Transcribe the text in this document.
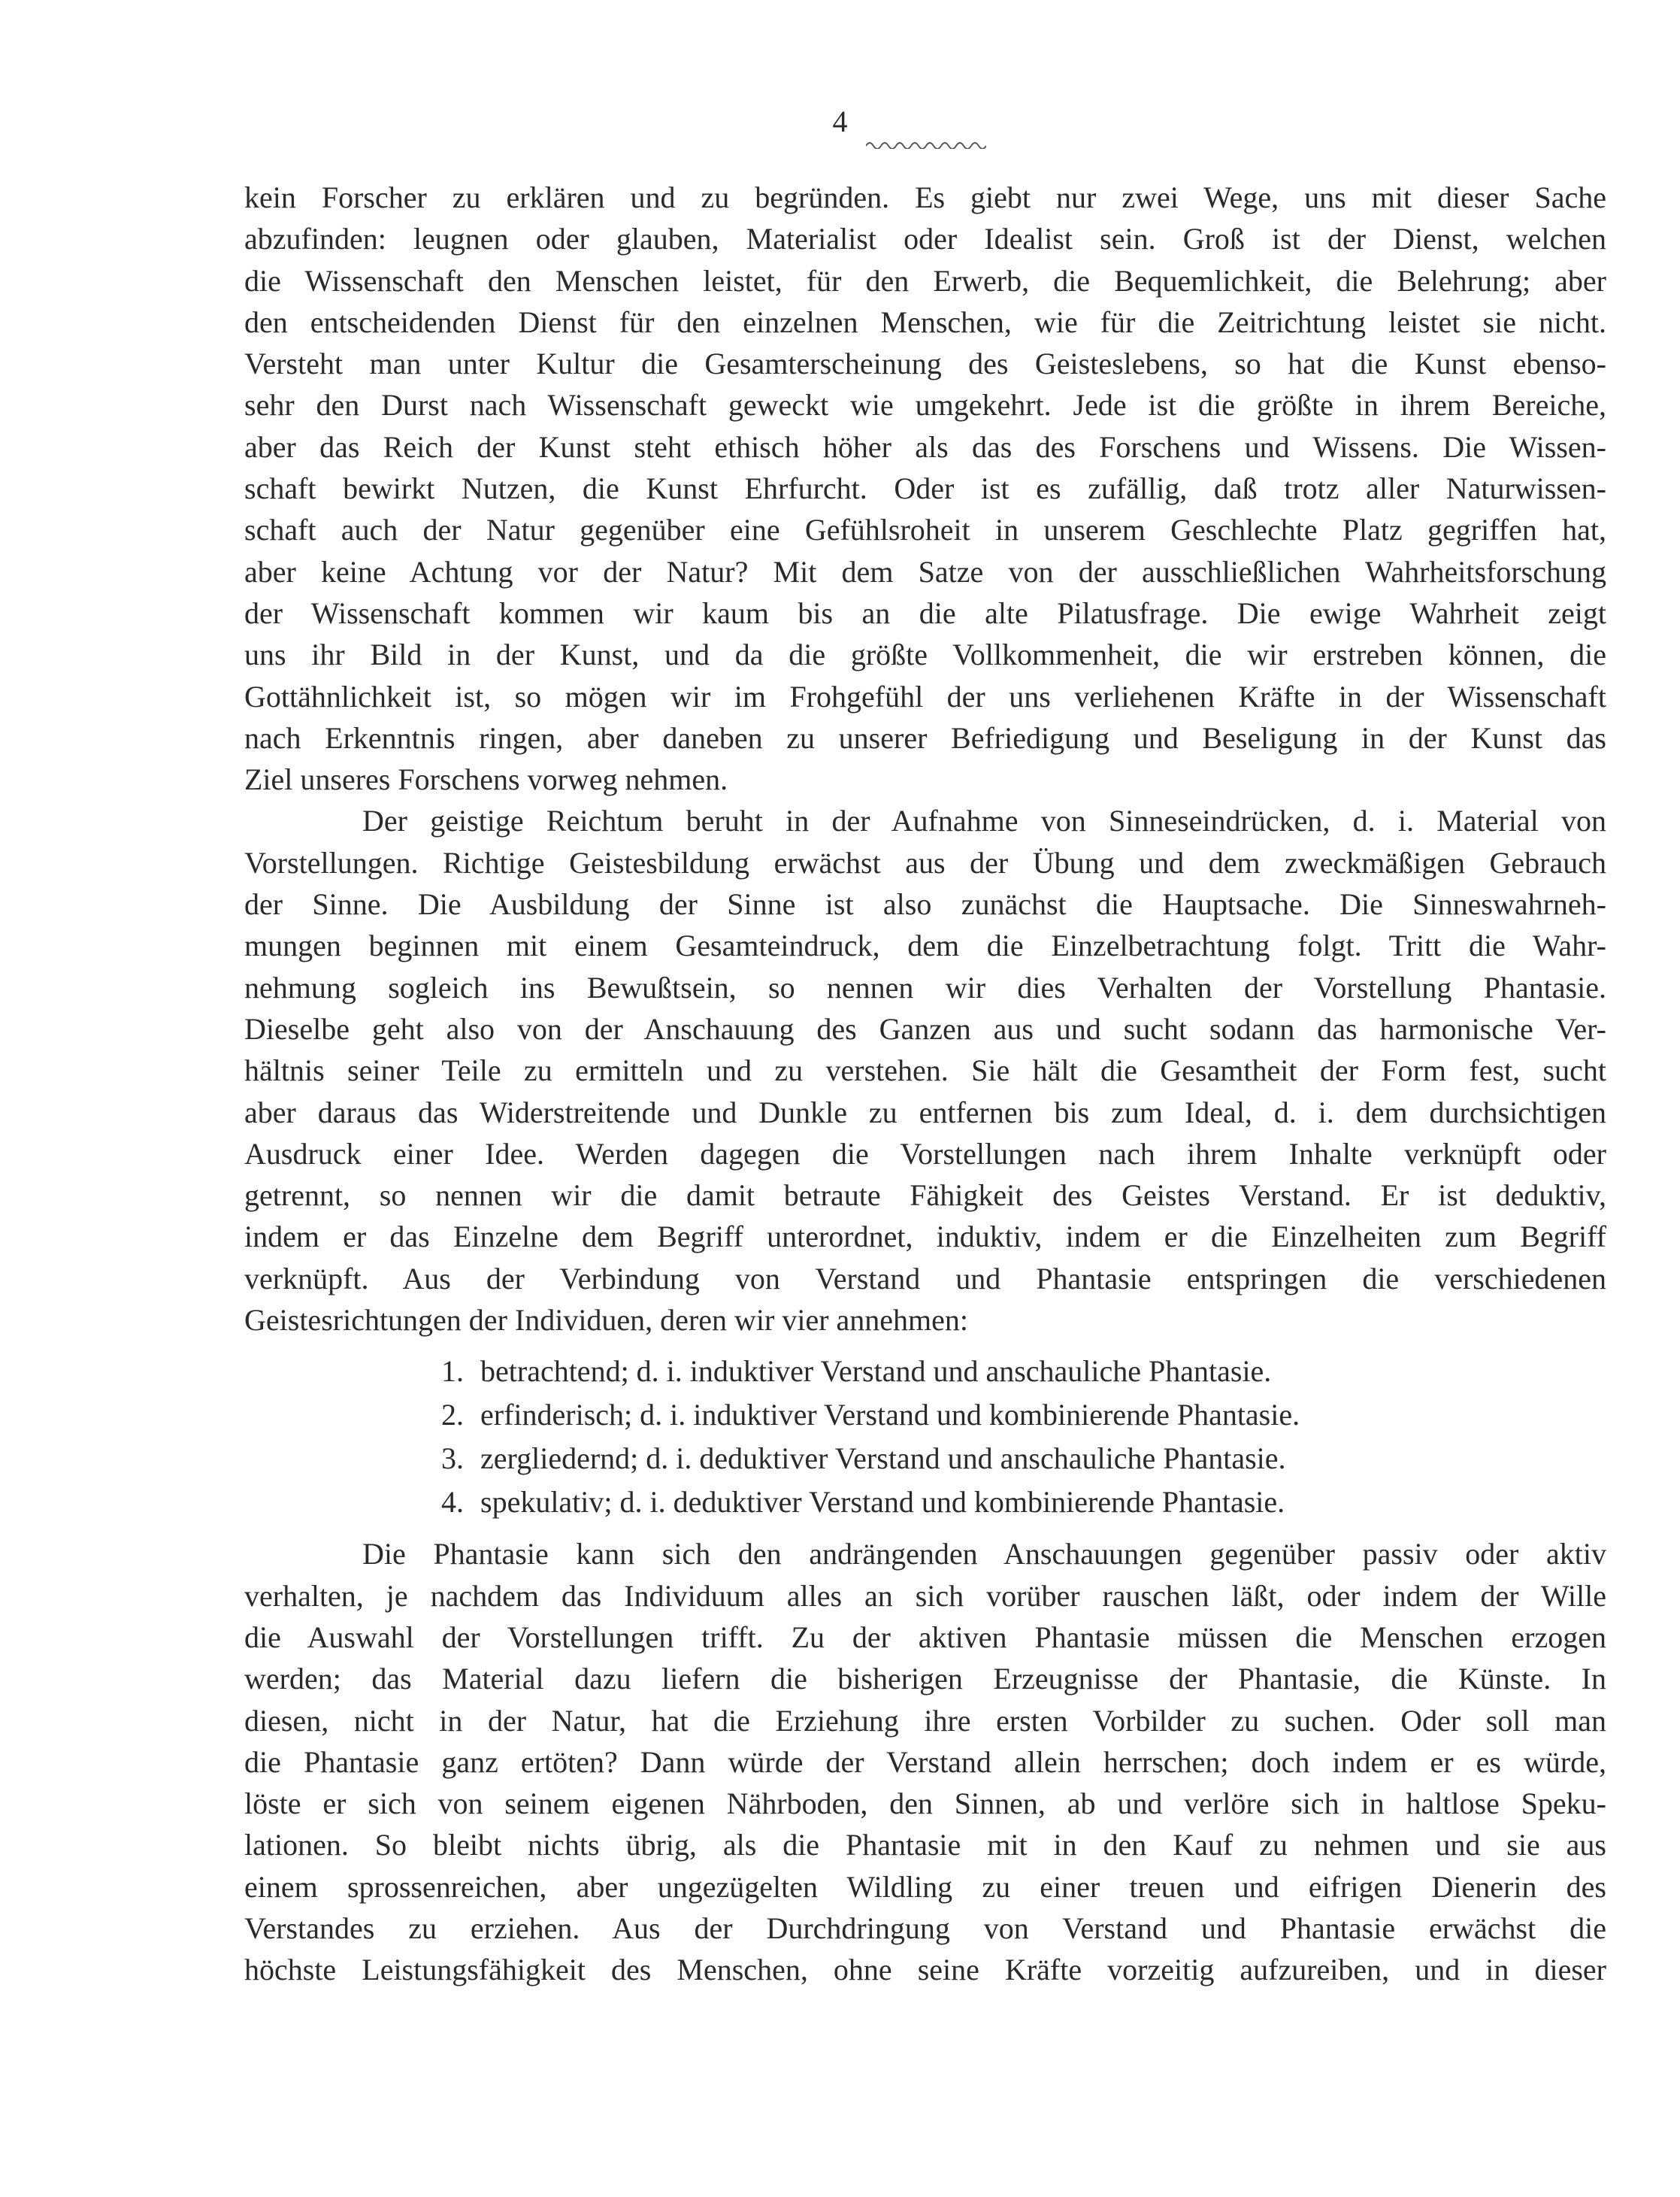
4
kein Forscher zu erklären und zu begründen. Es giebt nur zwei Wege, uns mit dieser Sache
abzufinden: leugnen oder glauben, Materialist oder Idealist sein. Groß ist der Dienst, welchen
die Wissenschaft den Menschen leistet, für den Erwerb, die Bequemlichkeit, die Belehrung; aber
den entscheidenden Dienst für den einzelnen Menschen, wie für die Zeitrichtung leistet sie nicht.
Versteht man unter Kultur die Gesamterscheinung des Geisteslebens, so hat die Kunst ebenso-
sehr den Durst nach Wissenschaft geweckt wie umgekehrt. Jede ist die größte in ihrem Bereiche,
aber das Reich der Kunst steht ethisch höher als das des Forschens und Wissens. Die Wissen-
schaft bewirkt Nutzen, die Kunst Ehrfurcht. Oder ist es zufällig, daß trotz aller Naturwissen-
schaft auch der Natur gegenüber eine Gefühlsroheit in unserem Geschlechte Platz gegriffen hat,
aber keine Achtung vor der Natur? Mit dem Satze von der ausschließlichen Wahrheitsforschung
der Wissenschaft kommen wir kaum bis an die alte Pilatusfrage. Die ewige Wahrheit zeigt
uns ihr Bild in der Kunst, und da die größte Vollkommenheit, die wir erstreben können, die
Gottähnlichkeit ist, so mögen wir im Frohgefühl der uns verliehenen Kräfte in der Wissenschaft
nach Erkenntnis ringen, aber daneben zu unserer Befriedigung und Beseligung in der Kunst das
Ziel unseres Forschens vorweg nehmen.
Der geistige Reichtum beruht in der Aufnahme von Sinneseindrücken, d. i. Material von
Vorstellungen. Richtige Geistesbildung erwächst aus der Übung und dem zweckmäßigen Gebrauch
der Sinne. Die Ausbildung der Sinne ist also zunächst die Hauptsache. Die Sinneswahrneh-
mungen beginnen mit einem Gesamteindruck, dem die Einzelbetrachtung folgt. Tritt die Wahr-
nehmung sogleich ins Bewußtsein, so nennen wir dies Verhalten der Vorstellung Phantasie.
Dieselbe geht also von der Anschauung des Ganzen aus und sucht sodann das harmonische Ver-
hältnis seiner Teile zu ermitteln und zu verstehen. Sie hält die Gesamtheit der Form fest, sucht
aber daraus das Widerstreitende und Dunkle zu entfernen bis zum Ideal, d. i. dem durchsichtigen
Ausdruck einer Idee. Werden dagegen die Vorstellungen nach ihrem Inhalte verknüpft oder
getrennt, so nennen wir die damit betraute Fähigkeit des Geistes Verstand. Er ist deduktiv,
indem er das Einzelne dem Begriff unterordnet, induktiv, indem er die Einzelheiten zum Begriff
verknüpft. Aus der Verbindung von Verstand und Phantasie entspringen die verschiedenen
Geistesrichtungen der Individuen, deren wir vier annehmen:
1. betrachtend; d. i. induktiver Verstand und anschauliche Phantasie.
2. erfinderisch; d. i. induktiver Verstand und kombinierende Phantasie.
3. zergliedernd; d. i. deduktiver Verstand und anschauliche Phantasie.
4. spekulativ; d. i. deduktiver Verstand und kombinierende Phantasie.
Die Phantasie kann sich den andrängenden Anschauungen gegenüber passiv oder aktiv
verhalten, je nachdem das Individuum alles an sich vorüber rauschen läßt, oder indem der Wille
die Auswahl der Vorstellungen trifft. Zu der aktiven Phantasie müssen die Menschen erzogen
werden; das Material dazu liefern die bisherigen Erzeugnisse der Phantasie, die Künste. In
diesen, nicht in der Natur, hat die Erziehung ihre ersten Vorbilder zu suchen. Oder soll man
die Phantasie ganz ertöten? Dann würde der Verstand allein herrschen; doch indem er es würde,
löste er sich von seinem eigenen Nährboden, den Sinnen, ab und verlöre sich in haltlose Speku-
lationen. So bleibt nichts übrig, als die Phantasie mit in den Kauf zu nehmen und sie aus
einem sprossenreichen, aber ungezügelten Wildling zu einer treuen und eifrigen Dienerin des
Verstandes zu erziehen. Aus der Durchdringung von Verstand und Phantasie erwächst die
höchste Leistungsfähigkeit des Menschen, ohne seine Kräfte vorzeitig aufzureiben, und in dieser
